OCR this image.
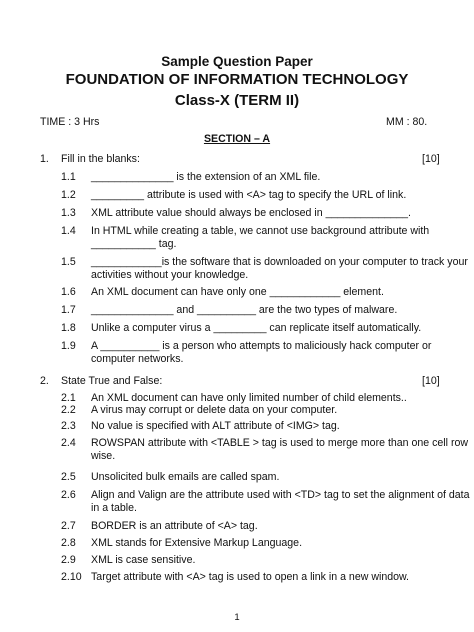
Sample Question Paper
FOUNDATION OF INFORMATION TECHNOLOGY
Class-X (TERM II)
TIME : 3 Hrs	MM : 80.
SECTION – A
1. Fill in the blanks:	[10]
1.1 ______________ is the extension of an XML file.
1.2 _________ attribute is used with <A> tag to specify the URL of link.
1.3 XML attribute value should always be enclosed in ______________.
1.4 In HTML while creating a table, we cannot use background attribute with
___________ tag.
1.5 ____________is the software that is downloaded on your computer to track your
activities without your knowledge.
1.6 An XML document can have only one ____________ element.
1.7 ______________ and __________ are the two types of malware.
1.8 Unlike a computer virus a _________ can replicate itself automatically.
1.9 A __________ is a person who attempts to maliciously hack computer or
computer networks.
2. State True and False:	[10]
2.1 An XML document can have only limited number of child elements..
2.2 A virus may corrupt or delete data on your computer.
2.3 No value is specified with ALT attribute of <IMG> tag.
2.4 ROWSPAN attribute with <TABLE > tag is used to merge more than one cell row
wise.
2.5 Unsolicited bulk emails are called spam.
2.6 Align and Valign are the attribute used with <TD> tag to set the alignment of data
in a table.
2.7 BORDER is an attribute of <A> tag.
2.8 XML stands for Extensive Markup Language.
2.9 XML is case sensitive.
2.10 Target attribute with <A> tag is used to open a link in a new window.
1
